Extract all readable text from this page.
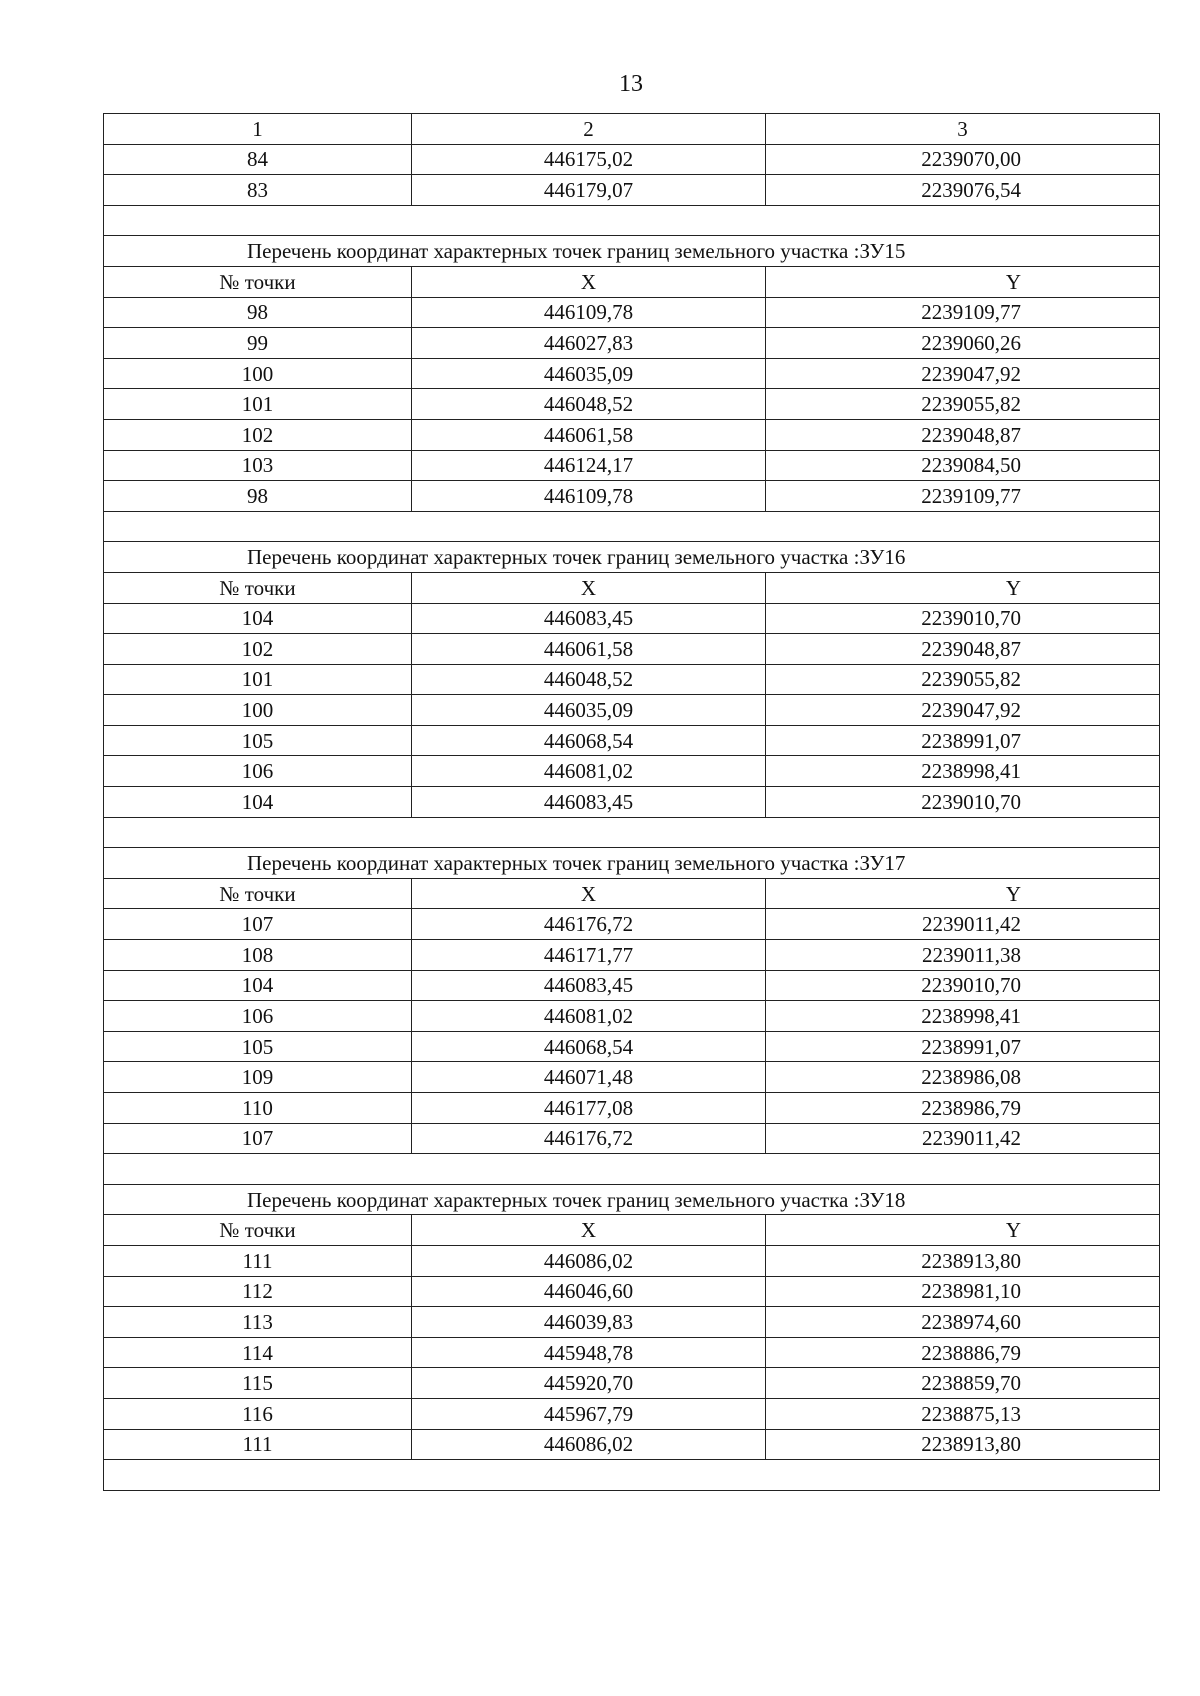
13
1	2	3
84	446175,02	2239070,00
83	446179,07	2239076,54

Перечень координат характерных точек границ земельного участка :ЗУ15		
№ точки	X	Y
98	446109,78	2239109,77
99	446027,83	2239060,26
100	446035,09	2239047,92
101	446048,52	2239055,82
102	446061,58	2239048,87
103	446124,17	2239084,50
98	446109,78	2239109,77

Перечень координат характерных точек границ земельного участка :ЗУ16		
№ точки	X	Y
104	446083,45	2239010,70
102	446061,58	2239048,87
101	446048,52	2239055,82
100	446035,09	2239047,92
105	446068,54	2238991,07
106	446081,02	2238998,41
104	446083,45	2239010,70

Перечень координат характерных точек границ земельного участка :ЗУ17		
№ точки	X	Y
107	446176,72	2239011,42
108	446171,77	2239011,38
104	446083,45	2239010,70
106	446081,02	2238998,41
105	446068,54	2238991,07
109	446071,48	2238986,08
110	446177,08	2238986,79
107	446176,72	2239011,42

Перечень координат характерных точек границ земельного участка :ЗУ18		
№ точки	X	Y
111	446086,02	2238913,80
112	446046,60	2238981,10
113	446039,83	2238974,60
114	445948,78	2238886,79
115	445920,70	2238859,70
116	445967,79	2238875,13
111	446086,02	2238913,80
